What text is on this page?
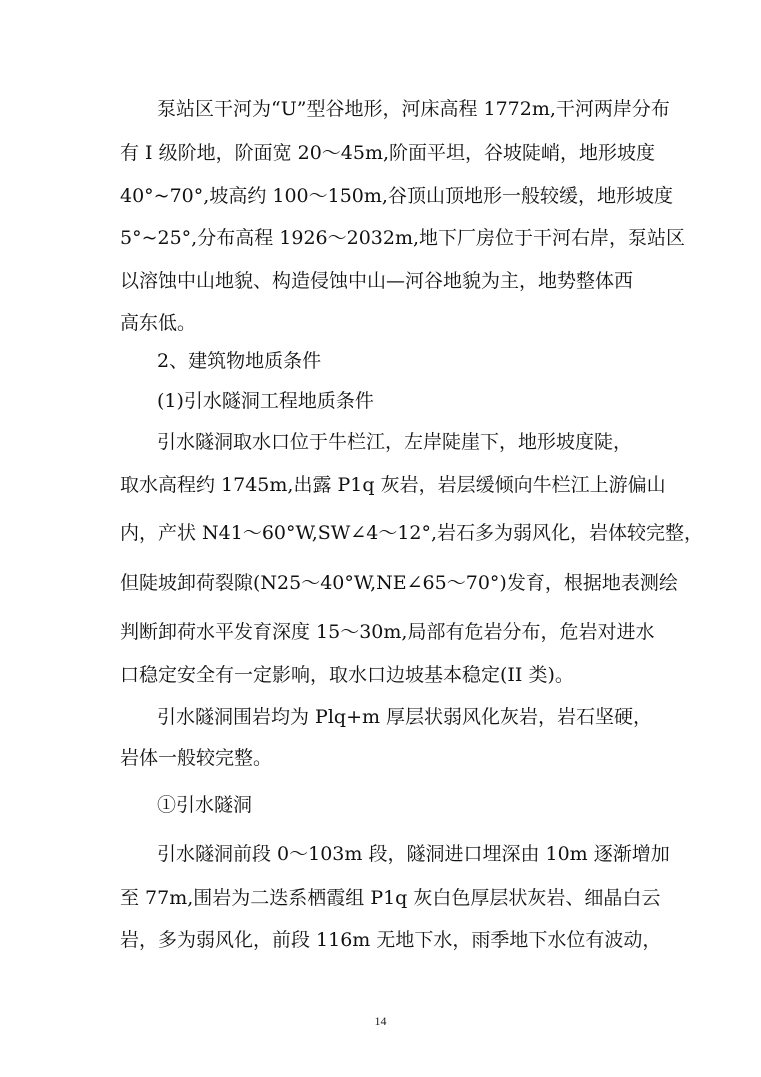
泵站区干河为“U”型谷地形，河床高程 1772m,干河两岸分布
有 I 级阶地，阶面宽 20～45m,阶面平坦，谷坡陡峭，地形坡度
40°~70°,坡高约 100～150m,谷顶山顶地形一般较缓，地形坡度
5°~25°,分布高程 1926～2032m,地下厂房位于干河右岸，泵站区
以溶蚀中山地貌、构造侵蚀中山—河谷地貌为主，地势整体西
高东低。
2、建筑物地质条件
(1)引水隧洞工程地质条件
引水隧洞取水口位于牛栏江，左岸陡崖下，地形坡度陡，
取水高程约 1745m,出露 P1q 灰岩，岩层缓倾向牛栏江上游偏山
内，产状 N41～60°W,SW∠4～12°,岩石多为弱风化，岩体较完整，
但陡坡卸荷裂隙(N25～40°W,NE∠65～70°)发育，根据地表测绘
判断卸荷水平发育深度 15～30m,局部有危岩分布，危岩对进水
口稳定安全有一定影响，取水口边坡基本稳定(II 类)。
引水隧洞围岩均为 Plq+m 厚层状弱风化灰岩，岩石坚硬，
岩体一般较完整。
①引水隧洞
引水隧洞前段 0～103m 段，隧洞进口埋深由 10m 逐渐增加
至 77m,围岩为二迭系栖霞组 P1q 灰白色厚层状灰岩、细晶白云
岩，多为弱风化，前段 116m 无地下水，雨季地下水位有波动，
14
